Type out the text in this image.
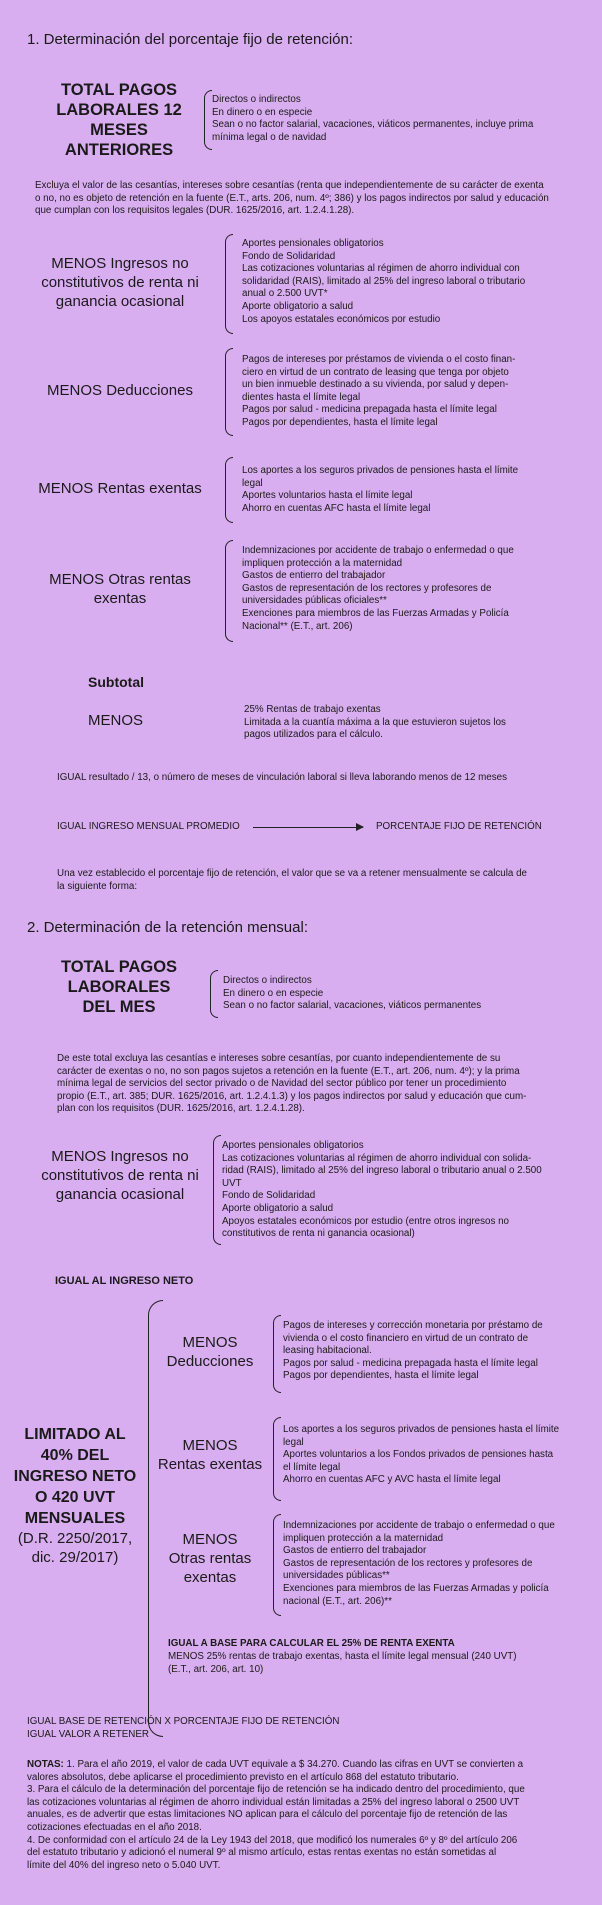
1. Determinación del porcentaje fijo de retención:
TOTAL PAGOS
LABORALES 12
MESES
ANTERIORES
Directos o indirectos
En dinero o en especie
Sean o no factor salarial, vacaciones, viáticos permanentes, incluye prima
mínima legal o de navidad
Excluya el valor de las cesantías, intereses sobre cesantías (renta que independientemente de su carácter de exenta
o no, no es objeto de retención en la fuente (E.T., arts. 206, num. 4º; 386) y los pagos indirectos por salud y educación
que cumplan con los requisitos legales (DUR. 1625/2016, art. 1.2.4.1.28).
MENOS Ingresos no
constitutivos de renta ni
ganancia ocasional
Aportes pensionales obligatorios
Fondo de Solidaridad
Las cotizaciones voluntarias al régimen de ahorro individual con
solidaridad (RAIS), limitado al 25% del ingreso laboral o tributario
anual o 2.500 UVT*
Aporte obligatorio a salud
Los apoyos estatales económicos por estudio
MENOS Deducciones
Pagos de intereses por préstamos de vivienda o el costo finan-
ciero en virtud de un contrato de leasing que tenga por objeto
un bien inmueble destinado a su vivienda, por salud y depen-
dientes hasta el límite legal
Pagos por salud - medicina prepagada hasta el límite legal
Pagos por dependientes, hasta el límite legal
MENOS Rentas exentas
Los aportes a los seguros privados de pensiones hasta el límite
legal
Aportes voluntarios hasta el límite legal
Ahorro en cuentas AFC hasta el límite legal
MENOS Otras rentas
exentas
Indemnizaciones por accidente de trabajo o enfermedad o que
impliquen protección a la maternidad
Gastos de entierro del trabajador
Gastos de representación de los rectores y profesores de
universidades públicas oficiales**
Exenciones para miembros de las Fuerzas Armadas y Policía
Nacional** (E.T., art. 206)
Subtotal
MENOS
25% Rentas de trabajo exentas
Limitada a la cuantía máxima a la que estuvieron sujetos los
pagos utilizados para el cálculo.
IGUAL resultado / 13, o número de meses de vinculación laboral si lleva laborando menos de 12 meses
IGUAL INGRESO MENSUAL PROMEDIO	PORCENTAJE FIJO DE RETENCIÓN
Una vez establecido el porcentaje fijo de retención, el valor que se va a retener mensualmente se calcula de
la siguiente forma:
2. Determinación de la retención mensual:
TOTAL PAGOS
LABORALES
DEL MES
Directos o indirectos
En dinero o en especie
Sean o no factor salarial, vacaciones, viáticos permanentes
De este total excluya las cesantías e intereses sobre cesantías, por cuanto independientemente de su
carácter de exentas o no, no son pagos sujetos a retención en la fuente (E.T., art. 206, num. 4º); y la prima
mínima legal de servicios del sector privado o de Navidad del sector público por tener un procedimiento
propio (E.T., art. 385; DUR. 1625/2016, art. 1.2.4.1.3) y los pagos indirectos por salud y educación que cum-
plan con los requisitos (DUR. 1625/2016, art. 1.2.4.1.28).
MENOS Ingresos no
constitutivos de renta ni
ganancia ocasional
Aportes pensionales obligatorios
Las cotizaciones voluntarias al régimen de ahorro individual con solida-
ridad (RAIS), limitado al 25% del ingreso laboral o tributario anual o 2.500
UVT
Fondo de Solidaridad
Aporte obligatorio a salud
Apoyos estatales económicos por estudio (entre otros ingresos no
constitutivos de renta ni ganancia ocasional)
IGUAL AL INGRESO NETO
LIMITADO AL
40% DEL
INGRESO NETO
O 420 UVT
MENSUALES
(D.R. 2250/2017,
dic. 29/2017)
MENOS
Deducciones
Pagos de intereses y corrección monetaria por préstamo de
vivienda o el costo financiero en virtud de un contrato de
leasing habitacional.
Pagos por salud - medicina prepagada hasta el límite legal
Pagos por dependientes, hasta el límite legal
MENOS
Rentas exentas
Los aportes a los seguros privados de pensiones hasta el límite
legal
Aportes voluntarios a los Fondos privados de pensiones hasta
el límite legal
Ahorro en cuentas AFC y AVC hasta el límite legal
MENOS
Otras rentas
exentas
Indemnizaciones por accidente de trabajo o enfermedad o que
impliquen protección a la maternidad
Gastos de entierro del trabajador
Gastos de representación de los rectores y profesores de
universidades públicas**
Exenciones para miembros de las Fuerzas Armadas y policía
nacional (E.T., art. 206)**
IGUAL A BASE PARA CALCULAR EL 25% DE RENTA EXENTA
MENOS 25% rentas de trabajo exentas, hasta el límite legal mensual (240 UVT)
(E.T., art. 206, art. 10)
IGUAL BASE DE RETENCIÓN X PORCENTAJE FIJO DE RETENCIÓN
IGUAL VALOR A RETENER
NOTAS: 1. Para el año 2019, el valor de cada UVT equivale a $ 34.270. Cuando las cifras en UVT se convierten a
valores absolutos, debe aplicarse el procedimiento previsto en el artículo 868 del estatuto tributario.
3. Para el cálculo de la determinación del porcentaje fijo de retención se ha indicado dentro del procedimiento, que
las cotizaciones voluntarias al régimen de ahorro individual están limitadas a 25% del ingreso laboral o 2500 UVT
anuales, es de advertir que estas limitaciones NO aplican para el cálculo del porcentaje fijo de retención de las
cotizaciones efectuadas en el año 2018.
4. De conformidad con el artículo 24 de la Ley 1943 del 2018, que modificó los numerales 6º y 8º del artículo 206
del estatuto tributario y adicionó el numeral 9º al mismo artículo, estas rentas exentas no están sometidas al
límite del 40% del ingreso neto o 5.040 UVT.
